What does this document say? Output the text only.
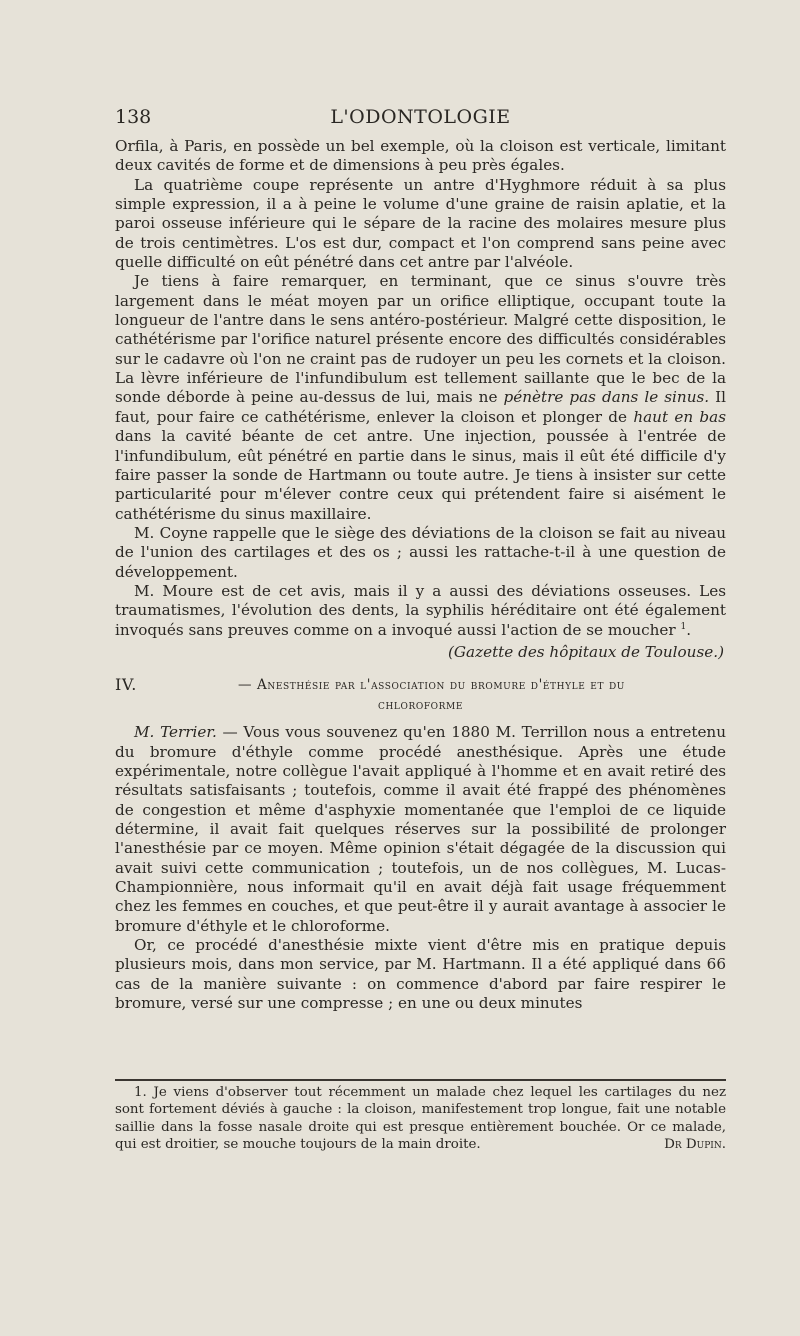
138	L'ODONTOLOGIE

Orfila, à Paris, en possède un bel exemple, où la cloison est verticale, limitant deux cavités de forme et de dimensions à peu près égales.

La quatrième coupe représente un antre d'Hyghmore réduit à sa plus simple expression, il a à peine le volume d'une graine de raisin aplatie, et la paroi osseuse inférieure qui le sépare de la racine des molaires mesure plus de trois centimètres. L'os est dur, compact et l'on comprend sans peine avec quelle difficulté on eût pénétré dans cet antre par l'alvéole.

Je tiens à faire remarquer, en terminant, que ce sinus s'ouvre très largement dans le méat moyen par un orifice elliptique, occupant toute la longueur de l'antre dans le sens antéro-postérieur. Malgré cette disposition, le cathétérisme par l'orifice naturel présente encore des difficultés considérables sur le cadavre où l'on ne craint pas de rudoyer un peu les cornets et la cloison. La lèvre inférieure de l'infundibulum est tellement saillante que le bec de la sonde déborde à peine au-dessus de lui, mais ne pénètre pas dans le sinus. Il faut, pour faire ce cathétérisme, enlever la cloison et plonger de haut en bas dans la cavité béante de cet antre. Une injection, poussée à l'entrée de l'infundibulum, eût pénétré en partie dans le sinus, mais il eût été difficile d'y faire passer la sonde de Hartmann ou toute autre. Je tiens à insister sur cette particularité pour m'élever contre ceux qui prétendent faire si aisément le cathétérisme du sinus maxillaire.

M. Coyne rappelle que le siège des déviations de la cloison se fait au niveau de l'union des cartilages et des os ; aussi les rattache-t-il à une question de développement.

M. Moure est de cet avis, mais il y a aussi des déviations osseuses. Les traumatismes, l'évolution des dents, la syphilis héréditaire ont été également invoqués sans preuves comme on a invoqué aussi l'action de se moucher $^1$.

(Gazette des hôpitaux de Toulouse.)

IV.	— Anesthésie par l'association du bromure d'éthyle et du
chloroforme

M. Terrier. — Vous vous souvenez qu'en 1880 M. Terrillon nous a entretenu du bromure d'éthyle comme procédé anesthésique. Après une étude expérimentale, notre collègue l'avait appliqué à l'homme et en avait retiré des résultats satisfaisants ; toutefois, comme il avait été frappé des phénomènes de congestion et même d'asphyxie momentanée que l'emploi de ce liquide détermine, il avait fait quelques réserves sur la possibilité de prolonger l'anesthésie par ce moyen. Même opinion s'était dégagée de la discussion qui avait suivi cette communication ; toutefois, un de nos collègues, M. Lucas-Championnière, nous informait qu'il en avait déjà fait usage fréquemment chez les femmes en couches, et que peut-être il y aurait avantage à associer le bromure d'éthyle et le chloroforme.

Or, ce procédé d'anesthésie mixte vient d'être mis en pratique depuis plusieurs mois, dans mon service, par M. Hartmann. Il a été appliqué dans 66 cas de la manière suivante : on commence d'abord par faire respirer le bromure, versé sur une compresse ; en une ou deux minutes

1. Je viens d'observer tout récemment un malade chez lequel les cartilages du nez sont fortement déviés à gauche : la cloison, manifestement trop longue, fait une notable saillie dans la fosse nasale droite qui est presque entièrement bouchée. Or ce malade, qui est droitier, se mouche toujours de la main droite.	Dr Dupin.
